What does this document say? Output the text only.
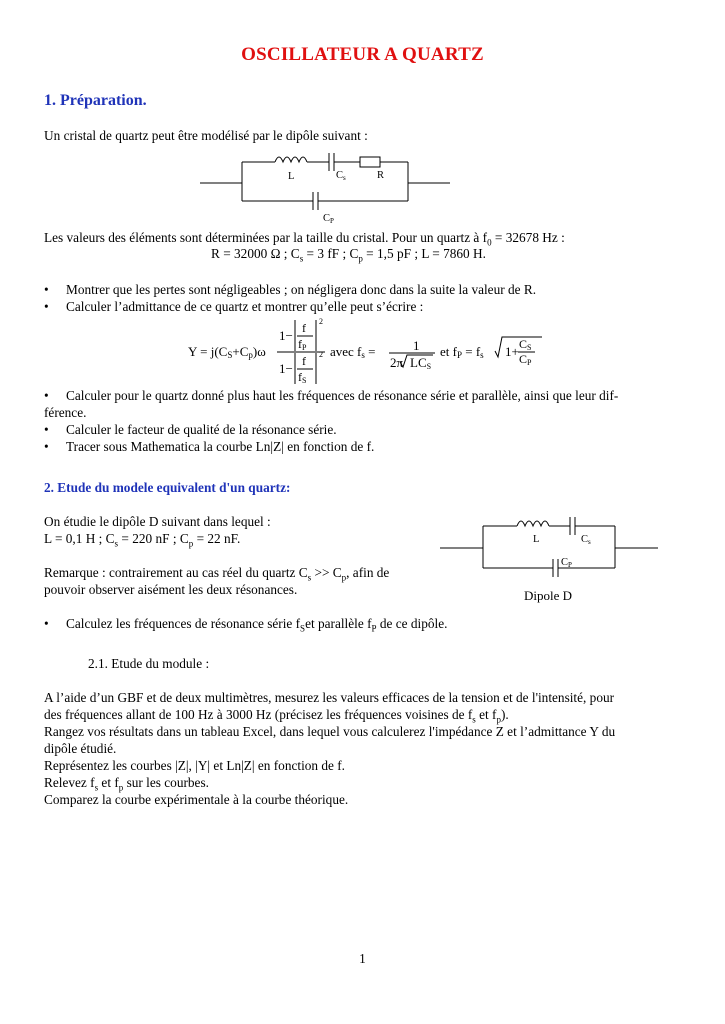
OSCILLATEUR A QUARTZ
1. Préparation.
Un cristal de quartz peut être modélisé par le dipôle suivant :
L	Cs	R
CP
Les valeurs des éléments sont déterminées par la taille du cristal. Pour un quartz à $f_0 = 32678$ Hz :
R = 32000 Ω ; $C_s = 3$ fF ; $C_p = 1,5$ pF ; L = 7860 H.
• Montrer que les pertes sont négligeables ; on négligera donc dans la suite la valeur de R.
• Calculer l’admittance de ce quartz et montrer qu’elle peut s’écrire :
Y = j(CS+Cp)ω
1− f
fP
2
1− f
fS
2 avec fs =	1
2π LCS
et fP = fs 1+ CS
CP
• Calculer pour le quartz donné plus haut les fréquences de résonance série et parallèle, ainsi que leur dif-
férence.
• Calculer le facteur de qualité de la résonance série.
• Tracer sous Mathematica la courbe Ln|Z| en fonction de f.
2. Etude du modele equivalent d'un quartz:
On étudie le dipôle D suivant dans lequel :
L = 0,1 H ; $C_s = 220$ nF ; $C_p = 22$ nF.
Remarque : contrairement au cas réel du quartz $C_s >> C_p$, afin de
pouvoir observer aisément les deux résonances.
L	Cs
CP
Dipole D
• Calculez les fréquences de résonance série $f_Set$ parallèle $f_P$ de ce dipôle.
2.1. Etude du module :
A l’aide d’un GBF et de deux multimètres, mesurez les valeurs efficaces de la tension et de l'intensité, pour
des fréquences allant de 100 Hz à 3000 Hz (précisez les fréquences voisines de $f_s$ et $f_p$).
Rangez vos résultats dans un tableau Excel, dans lequel vous calculerez l'impédance Z et l’admittance Y du
dipôle étudié.
Représentez les courbes |Z|, |Y| et Ln|Z| en fonction de f.
Relevez $f_s$ et $f_p$ sur les courbes.
Comparez la courbe expérimentale à la courbe théorique.
1
